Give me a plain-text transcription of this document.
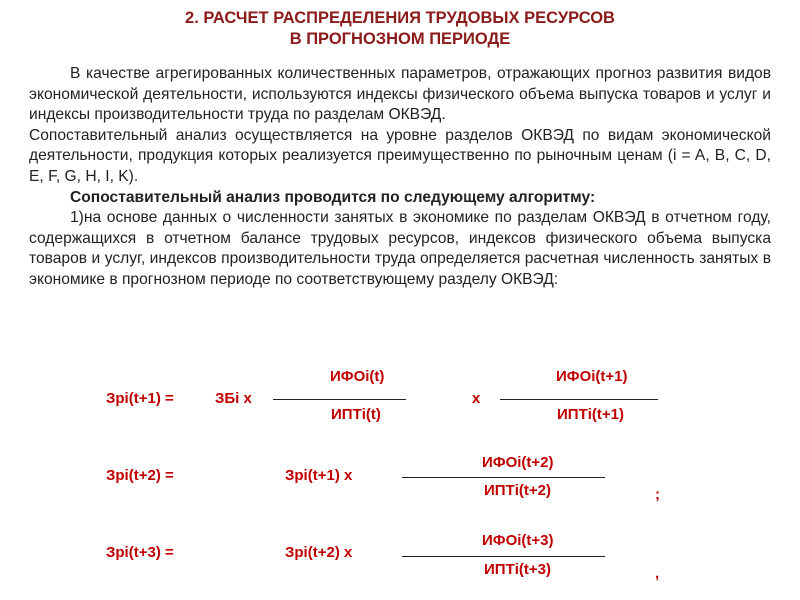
2. РАСЧЕТ РАСПРЕДЕЛЕНИЯ ТРУДОВЫХ РЕСУРСОВ
В ПРОГНОЗНОМ ПЕРИОДЕ

В качестве агрегированных количественных параметров, отражающих прогноз развития видов экономической деятельности, используются индексы физического объема выпуска товаров и услуг и индексы производительности труда по разделам ОКВЭД.

Сопоставительный анализ осуществляется на уровне разделов ОКВЭД по видам экономической деятельности, продукция которых реализуется преимущественно по рыночным ценам (i = A, B, C, D, E, F, G, H, I, K).

Сопоставительный анализ проводится по следующему алгоритму:

1)на основе данных о численности занятых в экономике по разделам ОКВЭД в отчетном году, содержащихся в отчетном балансе трудовых ресурсов, индексов физического объема выпуска товаров и услуг, индексов производительности труда определяется расчетная численность занятых в экономике в прогнозном периоде по соответствующему разделу ОКВЭД:

Зрi(t+1) =	ЗБi х
ИФОi(t)
ИПТi(t)
х
ИФОi(t+1)
ИПТi(t+1)
Зрi(t+2) =	Зрi(t+1) х
ИФОi(t+2)
ИПТi(t+2)	;
Зрi(t+3) =	Зрi(t+2) х
ИФОi(t+3)
ИПТi(t+3)	,
